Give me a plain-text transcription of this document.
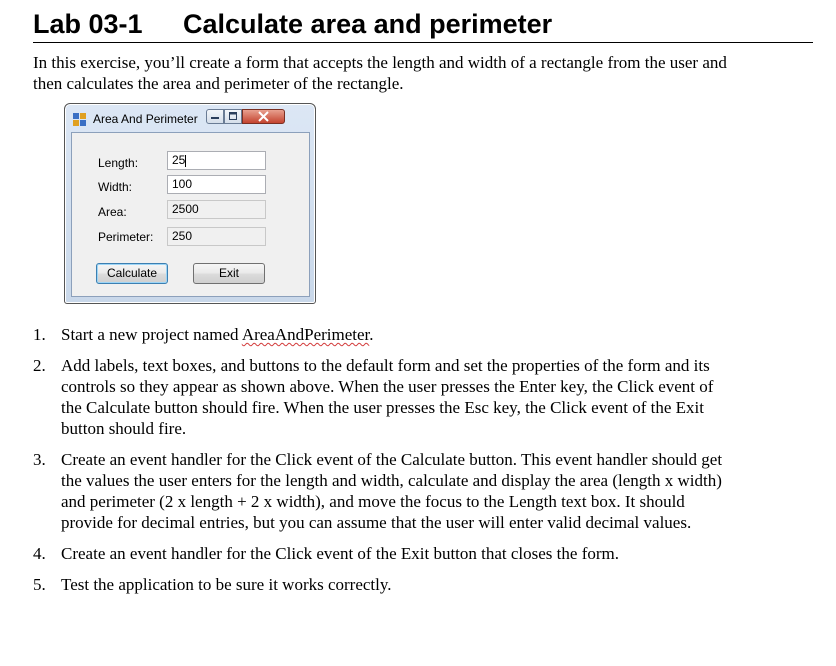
Lab 03-1 Calculate area and perimeter
In this exercise, you’ll create a form that accepts the length and width of a rectangle from the user and then calculates the area and perimeter of the rectangle.
Area And Perimeter
Length:	25
Width:	100
Area:	2500
Perimeter:	250
Calculate	Exit
1. Start a new project named AreaAndPerimeter.
2. Add labels, text boxes, and buttons to the default form and set the properties of the form and its controls so they appear as shown above. When the user presses the Enter key, the Click event of the Calculate button should fire. When the user presses the Esc key, the Click event of the Exit button should fire.
3. Create an event handler for the Click event of the Calculate button. This event handler should get the values the user enters for the length and width, calculate and display the area (length x width) and perimeter (2 x length + 2 x width), and move the focus to the Length text box. It should provide for decimal entries, but you can assume that the user will enter valid decimal values.
4. Create an event handler for the Click event of the Exit button that closes the form.
5. Test the application to be sure it works correctly.
